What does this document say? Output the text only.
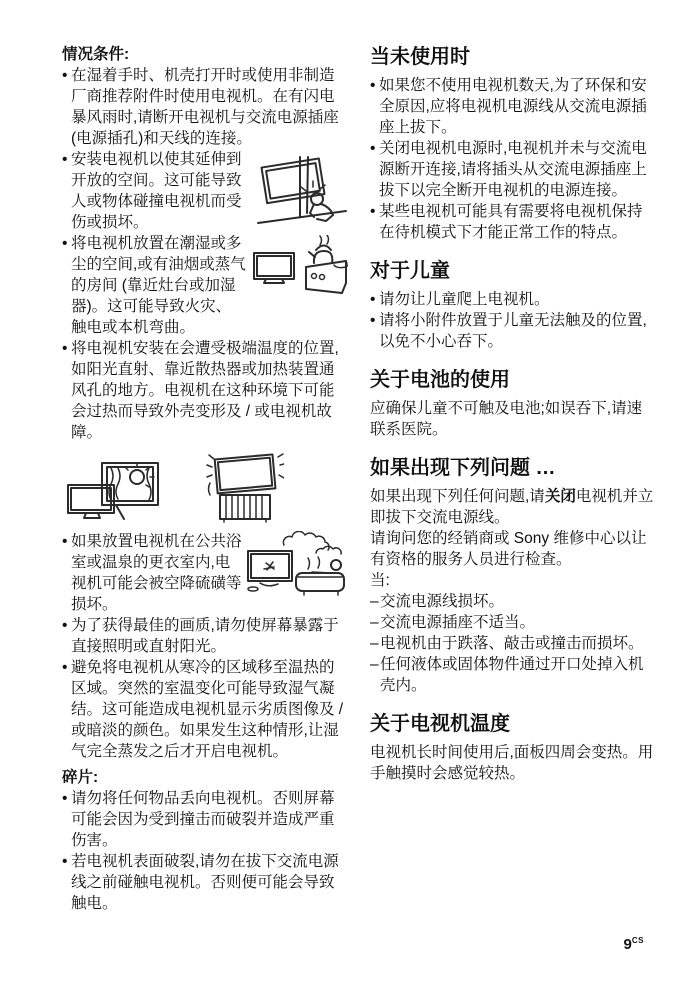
情况条件:

• 在湿着手时、机壳打开时或使用非制造厂商推荐附件时使用电视机。在有闪电暴风雨时,请断开电视机与交流电源插座 (电源插孔)和天线的连接。
• 安装电视机以使其延伸到开放的空间。这可能导致人或物体碰撞电视机而受伤或损坏。
• 将电视机放置在潮湿或多尘的空间,或有油烟或蒸气的房间 (靠近灶台或加湿器)。这可能导致火灾、触电或本机弯曲。
• 将电视机安装在会遭受极端温度的位置,如阳光直射、靠近散热器或加热装置通风孔的地方。电视机在这种环境下可能会过热而导致外壳变形及 / 或电视机故障。
• 如果放置电视机在公共浴室或温泉的更衣室内,电视机可能会被空降硫磺等损坏。
• 为了获得最佳的画质,请勿使屏幕暴露于直接照明或直射阳光。
• 避免将电视机从寒冷的区域移至温热的区域。突然的室温变化可能导致湿气凝结。这可能造成电视机显示劣质图像及 / 或暗淡的颜色。如果发生这种情形,让湿气完全蒸发之后才开启电视机。

碎片:

• 请勿将任何物品丢向电视机。否则屏幕可能会因为受到撞击而破裂并造成严重伤害。
• 若电视机表面破裂,请勿在拔下交流电源线之前碰触电视机。否则便可能会导致触电。

当未使用时

• 如果您不使用电视机数天,为了环保和安全原因,应将电视机电源线从交流电源插座上拔下。
• 关闭电视机电源时,电视机并未与交流电源断开连接,请将插头从交流电源插座上拔下以完全断开电视机的电源连接。
• 某些电视机可能具有需要将电视机保持在待机模式下才能正常工作的特点。

对于儿童

• 请勿让儿童爬上电视机。
• 请将小附件放置于儿童无法触及的位置,以免不小心吞下。

关于电池的使用

应确保儿童不可触及电池;如误吞下,请速联系医院。

如果出现下列问题 …

如果出现下列任何问题,请关闭电视机并立即拔下交流电源线。

请询问您的经销商或 Sony 维修中心以让有资格的服务人员进行检查。

当:

–交流电源线损坏。
–交流电源插座不适当。
–电视机由于跌落、敲击或撞击而损坏。
–任何液体或固体物件通过开口处掉入机壳内。

关于电视机温度

电视机长时间使用后,面板四周会变热。用手触摸时会感觉较热。

$9^{CS}$
